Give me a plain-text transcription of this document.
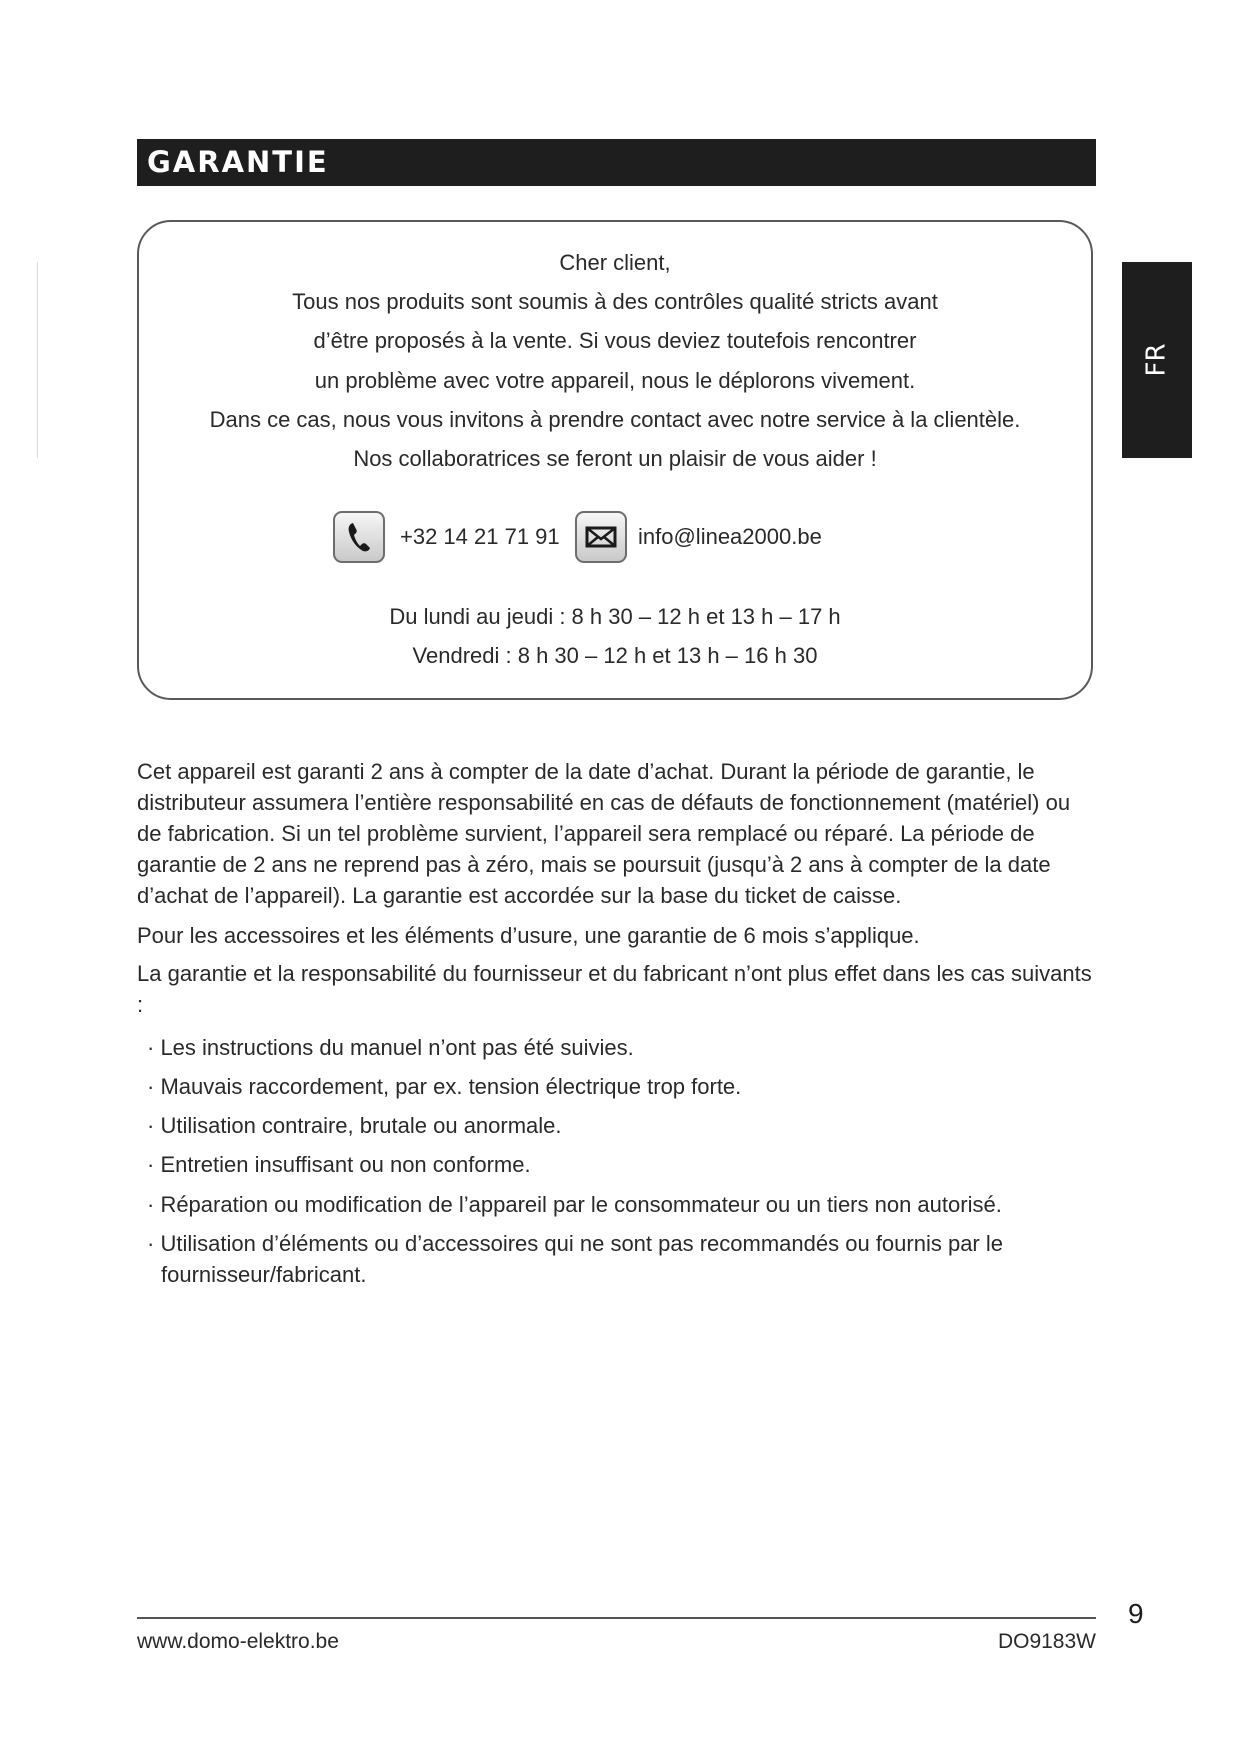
GARANTIE
FR
Cher client,
Tous nos produits sont soumis à des contrôles qualité stricts avant
d’être proposés à la vente. Si vous deviez toutefois rencontrer
un problème avec votre appareil, nous le déplorons vivement.
Dans ce cas, nous vous invitons à prendre contact avec notre service à la clientèle.
Nos collaboratrices se feront un plaisir de vous aider !
+32 14 21 71 91	info@linea2000.be
Du lundi au jeudi : 8 h 30 – 12 h et 13 h – 17 h
Vendredi : 8 h 30 – 12 h et 13 h – 16 h 30

Cet appareil est garanti 2 ans à compter de la date d’achat. Durant la période de garantie, le distributeur assumera l’entière responsabilité en cas de défauts de fonctionnement (matériel) ou de fabrication. Si un tel problème survient, l’appareil sera remplacé ou réparé. La période de garantie de 2 ans ne reprend pas à zéro, mais se poursuit (jusqu’à 2 ans à compter de la date d’achat de l’appareil). La garantie est accordée sur la base du ticket de caisse.

Pour les accessoires et les éléments d’usure, une garantie de 6 mois s’applique.

La garantie et la responsabilité du fournisseur et du fabricant n’ont plus effet dans les cas suivants :

· Les instructions du manuel n’ont pas été suivies.
· Mauvais raccordement, par ex. tension électrique trop forte.
· Utilisation contraire, brutale ou anormale.
· Entretien insuffisant ou non conforme.
· Réparation ou modification de l’appareil par le consommateur ou un tiers non autorisé.
· Utilisation d’éléments ou d’accessoires qui ne sont pas recommandés ou fournis par le fournisseur/fabricant.
9
www.domo-elektro.be	DO9183W
